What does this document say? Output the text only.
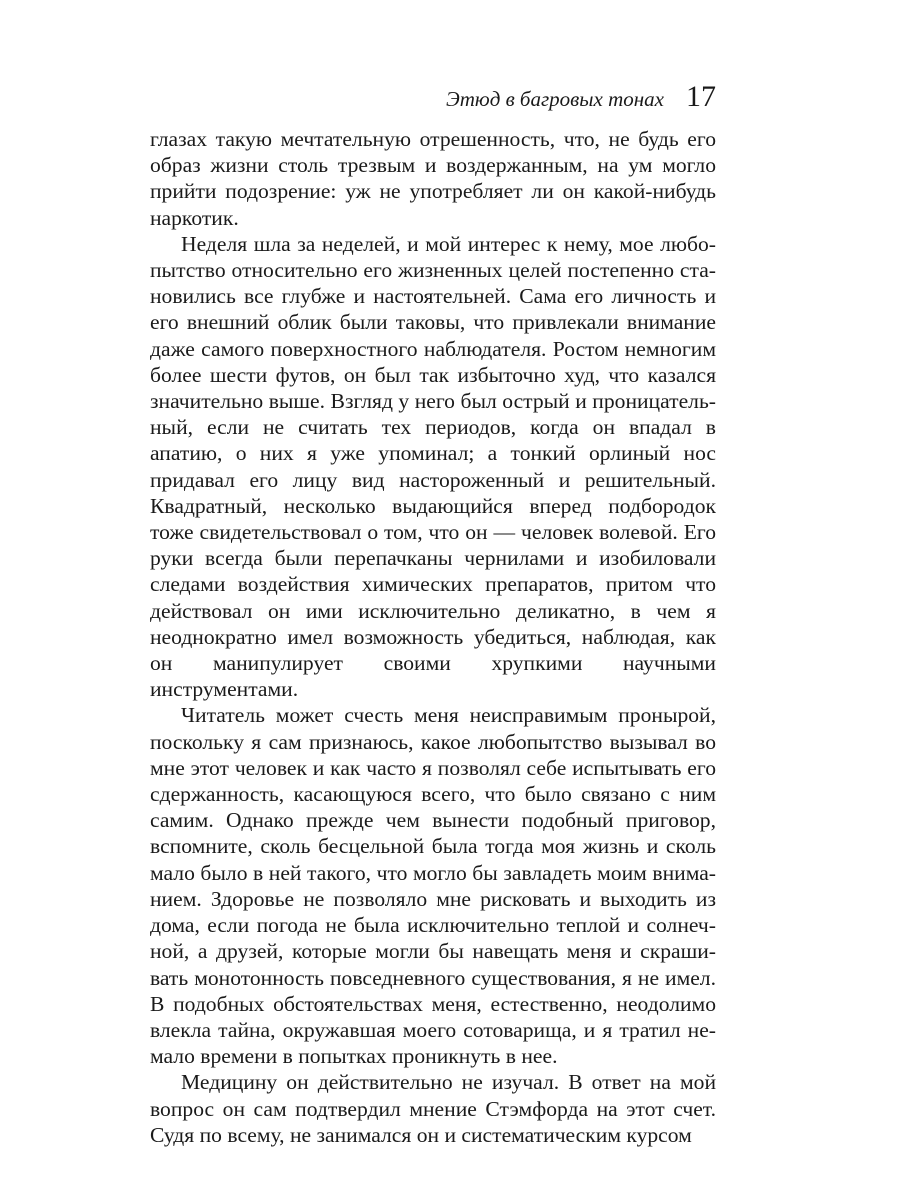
Этюд в багровых тонах 17

глазах такую мечтательную отрешенность, что, не будь его образ жизни столь трезвым и воздержанным, на ум могло прийти подозрение: уж не употребляет ли он какой-нибудь наркотик.

Неделя шла за неделей, и мой интерес к нему, мое любопытство относительно его жизненных целей постепенно становились все глубже и настоятельней. Сама его личность и его внешний облик были таковы, что привлекали внимание даже самого поверхностного наблюдателя. Ростом немногим более шести футов, он был так избыточно худ, что казался значительно выше. Взгляд у него был острый и проницательный, если не считать тех периодов, когда он впадал в апатию, о них я уже упоминал; а тонкий орлиный нос придавал его лицу вид настороженный и решительный. Квадратный, несколько выдающийся вперед подбородок тоже свидетельствовал о том, что он — человек волевой. Его руки всегда были перепачканы чернилами и изобиловали следами воздействия химических препаратов, притом что действовал он ими исключительно деликатно, в чем я неоднократно имел возможность убедиться, наблюдая, как он манипулирует своими хрупкими научными инструментами.

Читатель может счесть меня неисправимым пронырой, поскольку я сам признаюсь, какое любопытство вызывал во мне этот человек и как часто я позволял себе испытывать его сдержанность, касающуюся всего, что было связано с ним самим. Однако прежде чем вынести подобный приговор, вспомните, сколь бесцельной была тогда моя жизнь и сколь мало было в ней такого, что могло бы завладеть моим вниманием. Здоровье не позволяло мне рисковать и выходить из дома, если погода не была исключительно теплой и солнечной, а друзей, которые могли бы навещать меня и скрашивать монотонность повседневного существования, я не имел. В подобных обстоятельствах меня, естественно, неодолимо влекла тайна, окружавшая моего сотоварища, и я тратил немало времени в попытках проникнуть в нее.

Медицину он действительно не изучал. В ответ на мой вопрос он сам подтвердил мнение Стэмфорда на этот счет. Судя по всему, не занимался он и систематическим курсом
